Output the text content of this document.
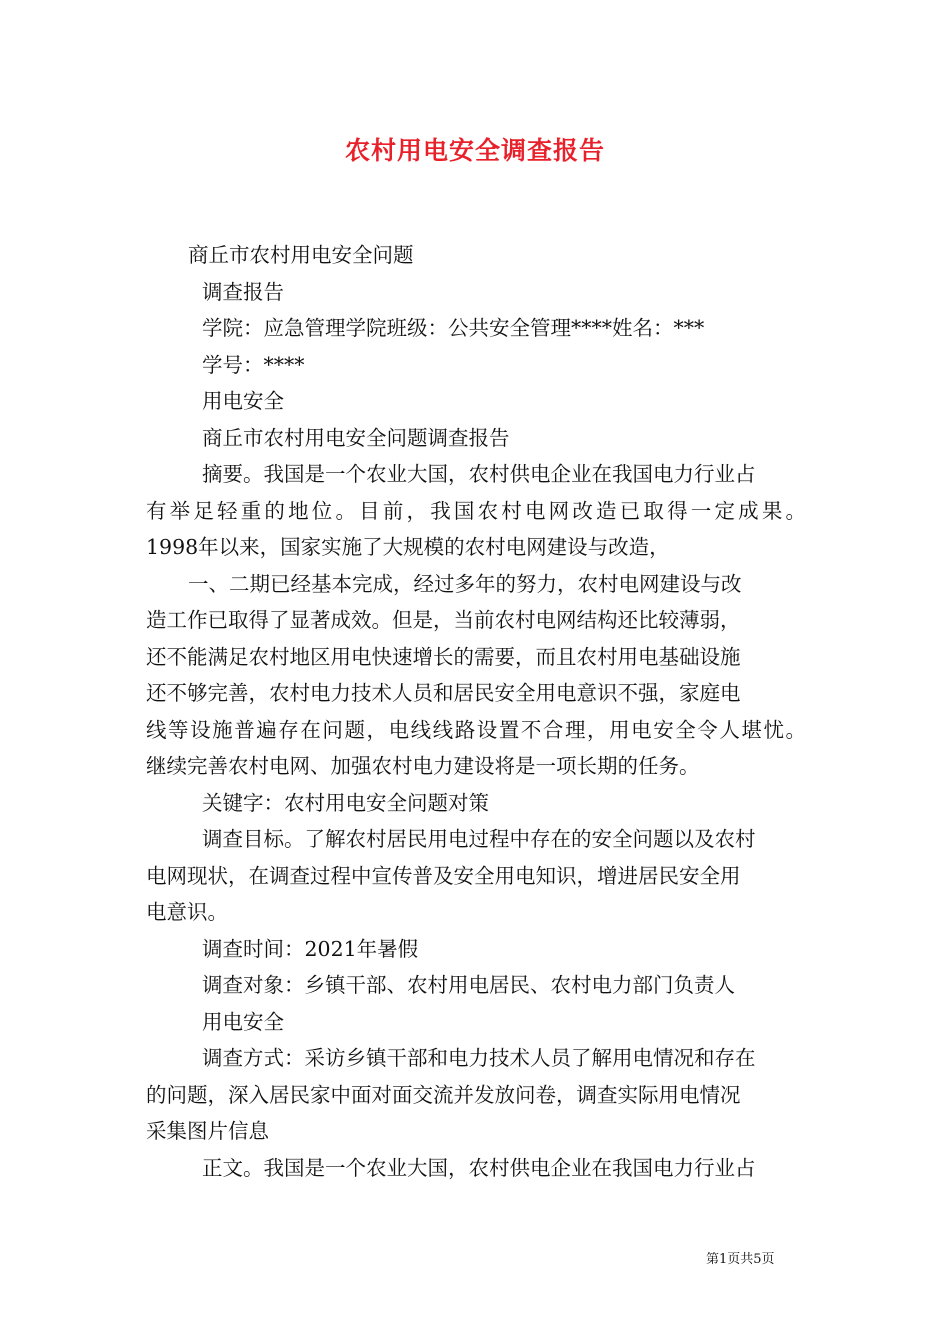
农村用电安全调查报告

商丘市农村用电安全问题

调查报告

学院：应急管理学院班级：公共安全管理****姓名：***

学号：****

用电安全

商丘市农村用电安全问题调查报告

摘要。我国是一个农业大国，农村供电企业在我国电力行业占

有举足轻重的地位。目前，我国农村电网改造已取得一定成果。

1998年以来，国家实施了大规模的农村电网建设与改造，

一、二期已经基本完成，经过多年的努力，农村电网建设与改

造工作已取得了显著成效。但是，当前农村电网结构还比较薄弱，

还不能满足农村地区用电快速增长的需要，而且农村用电基础设施

还不够完善，农村电力技术人员和居民安全用电意识不强，家庭电

线等设施普遍存在问题，电线线路设置不合理，用电安全令人堪忧。

继续完善农村电网、加强农村电力建设将是一项长期的任务。

关键字：农村用电安全问题对策

调查目标。了解农村居民用电过程中存在的安全问题以及农村

电网现状，在调查过程中宣传普及安全用电知识，增进居民安全用

电意识。

调查时间：2021年暑假

调查对象：乡镇干部、农村用电居民、农村电力部门负责人

用电安全

调查方式：采访乡镇干部和电力技术人员了解用电情况和存在

的问题，深入居民家中面对面交流并发放问卷，调查实际用电情况

采集图片信息

正文。我国是一个农业大国，农村供电企业在我国电力行业占

第1页共5页
